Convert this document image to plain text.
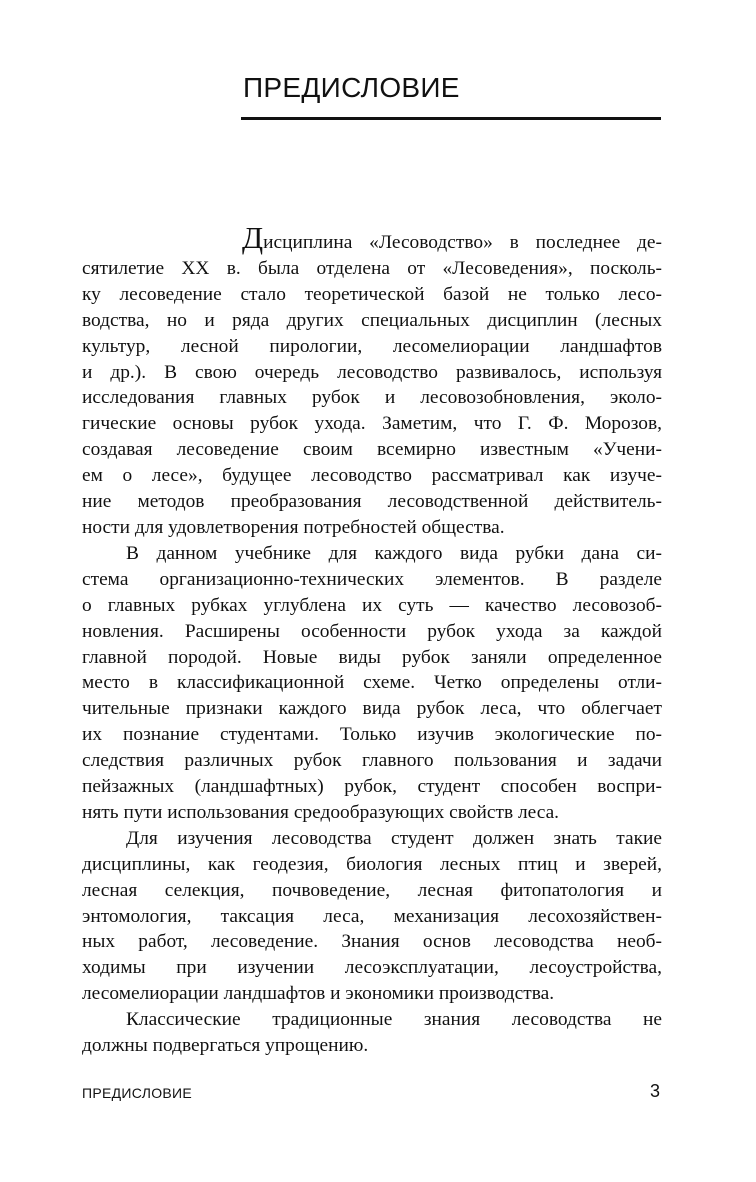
ПРЕДИСЛОВИЕ
Дисциплина «Лесоводство» в последнее де-
сятилетие XX в. была отделена от «Лесоведения», посколь-
ку лесоведение стало теоретической базой не только лесо-
водства, но и ряда других специальных дисциплин (лесных
культур, лесной пирологии, лесомелиорации ландшафтов
и др.). В свою очередь лесоводство развивалось, используя
исследования главных рубок и лесовозобновления, эколо-
гические основы рубок ухода. Заметим, что Г. Ф. Морозов,
создавая лесоведение своим всемирно известным «Учени-
ем о лесе», будущее лесоводство рассматривал как изуче-
ние методов преобразования лесоводственной действитель-
ности для удовлетворения потребностей общества.
В данном учебнике для каждого вида рубки дана си-
стема организационно-технических элементов. В разделе
о главных рубках углублена их суть — качество лесовозоб-
новления. Расширены особенности рубок ухода за каждой
главной породой. Новые виды рубок заняли определенное
место в классификационной схеме. Четко определены отли-
чительные признаки каждого вида рубок леса, что облегчает
их познание студентами. Только изучив экологические по-
следствия различных рубок главного пользования и задачи
пейзажных (ландшафтных) рубок, студент способен воспри-
нять пути использования средообразующих свойств леса.
Для изучения лесоводства студент должен знать такие
дисциплины, как геодезия, биология лесных птиц и зверей,
лесная селекция, почвоведение, лесная фитопатология и
энтомология, таксация леса, механизация лесохозяйствен-
ных работ, лесоведение. Знания основ лесоводства необ-
ходимы при изучении лесоэксплуатации, лесоустройства,
лесомелиорации ландшафтов и экономики производства.
Классические традиционные знания лесоводства не
должны подвергаться упрощению.
ПРЕДИСЛОВИЕ	3
